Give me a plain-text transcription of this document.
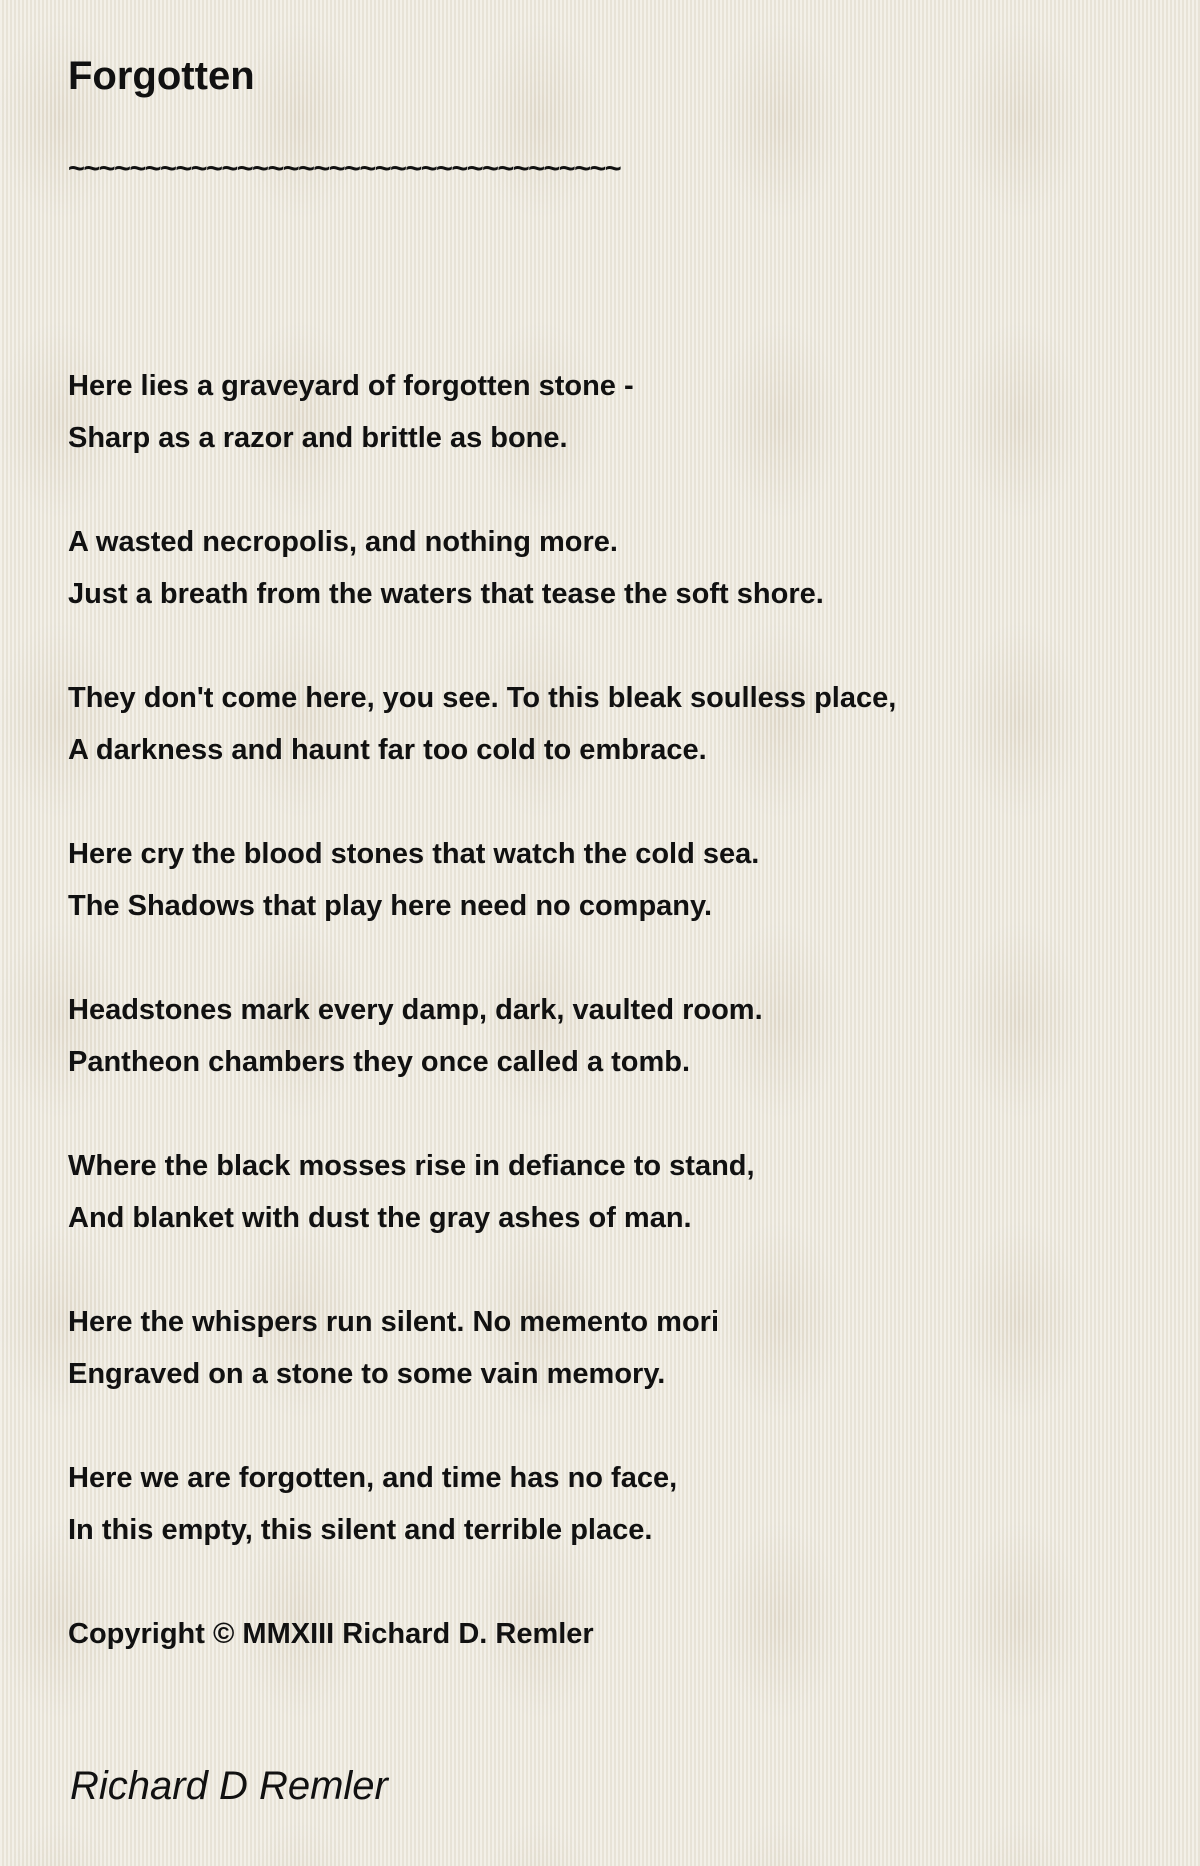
Forgotten
~~~~~~~~~~~~~~~~~~~~~~~~~~~~~~~~~~~~
Here lies a graveyard of forgotten stone -
Sharp as a razor and brittle as bone.
A wasted necropolis, and nothing more.
Just a breath from the waters that tease the soft shore.
They don't come here, you see. To this bleak soulless place,
A darkness and haunt far too cold to embrace.
Here cry the blood stones that watch the cold sea.
The Shadows that play here need no company.
Headstones mark every damp, dark, vaulted room.
Pantheon chambers they once called a tomb.
Where the black mosses rise in defiance to stand,
And blanket with dust the gray ashes of man.
Here the whispers run silent. No memento mori
Engraved on a stone to some vain memory.
Here we are forgotten, and time has no face,
In this empty, this silent and terrible place.
Copyright © MMXIII Richard D. Remler
Richard D Remler
